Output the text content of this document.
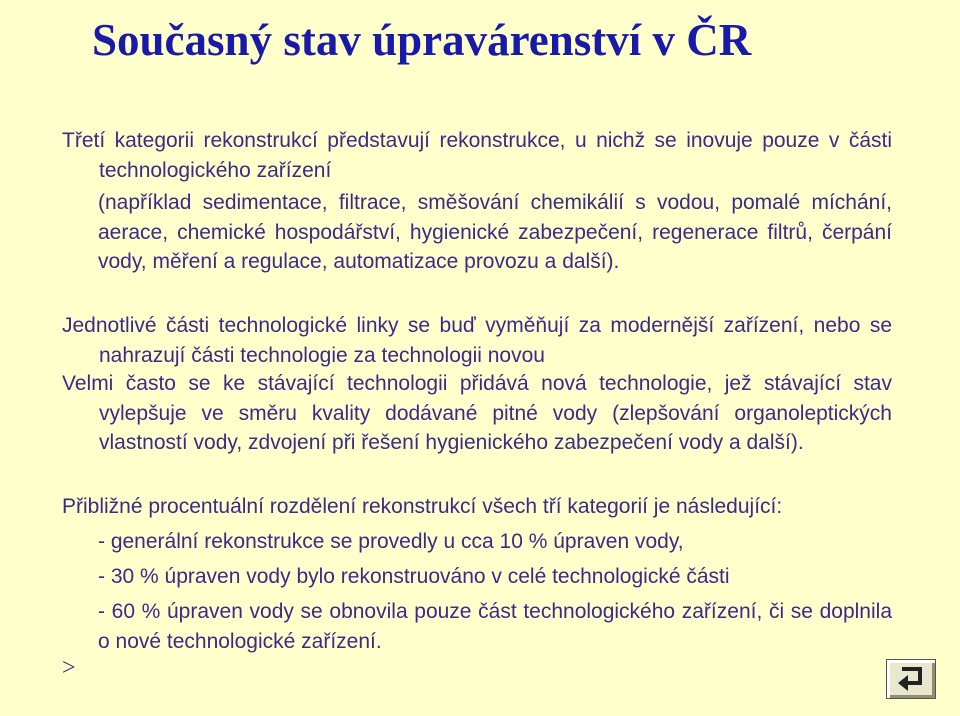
Současný stav úpravárenství v ČR
Třetí kategorii rekonstrukcí představují rekonstrukce, u nichž se inovuje pouze v části technologického zařízení
(například sedimentace, filtrace, směšování chemikálií s vodou, pomalé míchání, aerace, chemické hospodářství, hygienické zabezpečení, regenerace filtrů, čerpání vody, měření a regulace, automatizace provozu a další).
Jednotlivé části technologické linky se buď vyměňují za modernější zařízení, nebo se nahrazují části technologie za technologii novou
Velmi často se ke stávající technologii přidává nová technologie, jež stávající stav vylepšuje ve směru kvality dodávané pitné vody (zlepšování organoleptických vlastností vody, zdvojení při řešení hygienického zabezpečení vody a další).
Přibližné procentuální rozdělení rekonstrukcí všech tří kategorií je následující:
- generální rekonstrukce se provedly u cca 10 % úpraven vody,
- 30 % úpraven vody bylo rekonstruováno v celé technologické části
- 60 % úpraven vody se obnovila pouze část technologického zařízení, či se doplnila o nové technologické zařízení.
>
